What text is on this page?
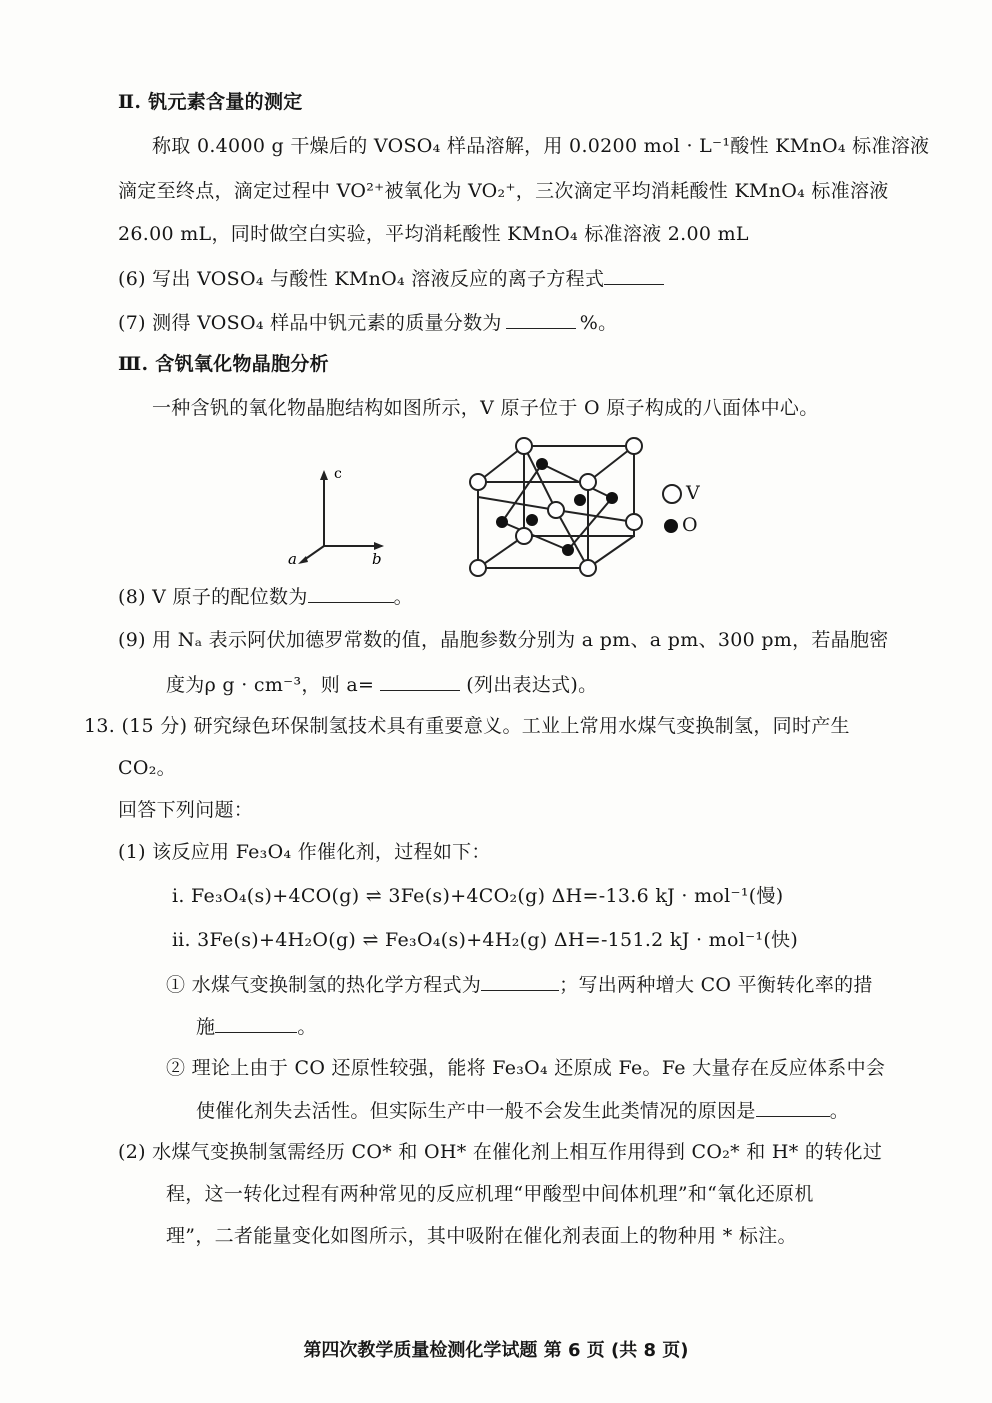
Ⅱ. 钒元素含量的测定
称取 0.4000 g 干燥后的 VOSO₄ 样品溶解，用 0.0200 mol · L⁻¹酸性 KMnO₄ 标准溶液
滴定至终点，滴定过程中 VO²⁺被氧化为 VO₂⁺，三次滴定平均消耗酸性 KMnO₄ 标准溶液
26.00 mL，同时做空白实验，平均消耗酸性 KMnO₄ 标准溶液 2.00 mL
(6) 写出 VOSO₄ 与酸性 KMnO₄ 溶液反应的离子方程式
(7) 测得 VOSO₄ 样品中钒元素的质量分数为	%。
Ⅲ. 含钒氧化物晶胞分析
一种含钒的氧化物晶胞结构如图所示，V 原子位于 O 原子构成的八面体中心。
c
a	b
V
O
(8) V 原子的配位数为	。
(9) 用 Nₐ 表示阿伏加德罗常数的值，晶胞参数分别为 a pm、a pm、300 pm，若晶胞密
度为ρ g · cm⁻³，则 a=	(列出表达式)。
13. (15 分) 研究绿色环保制氢技术具有重要意义。工业上常用水煤气变换制氢，同时产生
CO₂。
回答下列问题：
(1) 该反应用 Fe₃O₄ 作催化剂，过程如下：
ⅰ. Fe₃O₄(s)+4CO(g) ⇌ 3Fe(s)+4CO₂(g) ΔH=-13.6 kJ · mol⁻¹(慢)
ⅱ. 3Fe(s)+4H₂O(g) ⇌ Fe₃O₄(s)+4H₂(g) ΔH=-151.2 kJ · mol⁻¹(快)
① 水煤气变换制氢的热化学方程式为	；写出两种增大 CO 平衡转化率的措
施	。
② 理论上由于 CO 还原性较强，能将 Fe₃O₄ 还原成 Fe。Fe 大量存在反应体系中会
使催化剂失去活性。但实际生产中一般不会发生此类情况的原因是	。
(2) 水煤气变换制氢需经历 CO* 和 OH* 在催化剂上相互作用得到 CO₂* 和 H* 的转化过
程，这一转化过程有两种常见的反应机理“甲酸型中间体机理”和“氧化还原机
理”，二者能量变化如图所示，其中吸附在催化剂表面上的物种用 * 标注。
第四次教学质量检测化学试题 第 6 页 (共 8 页)
